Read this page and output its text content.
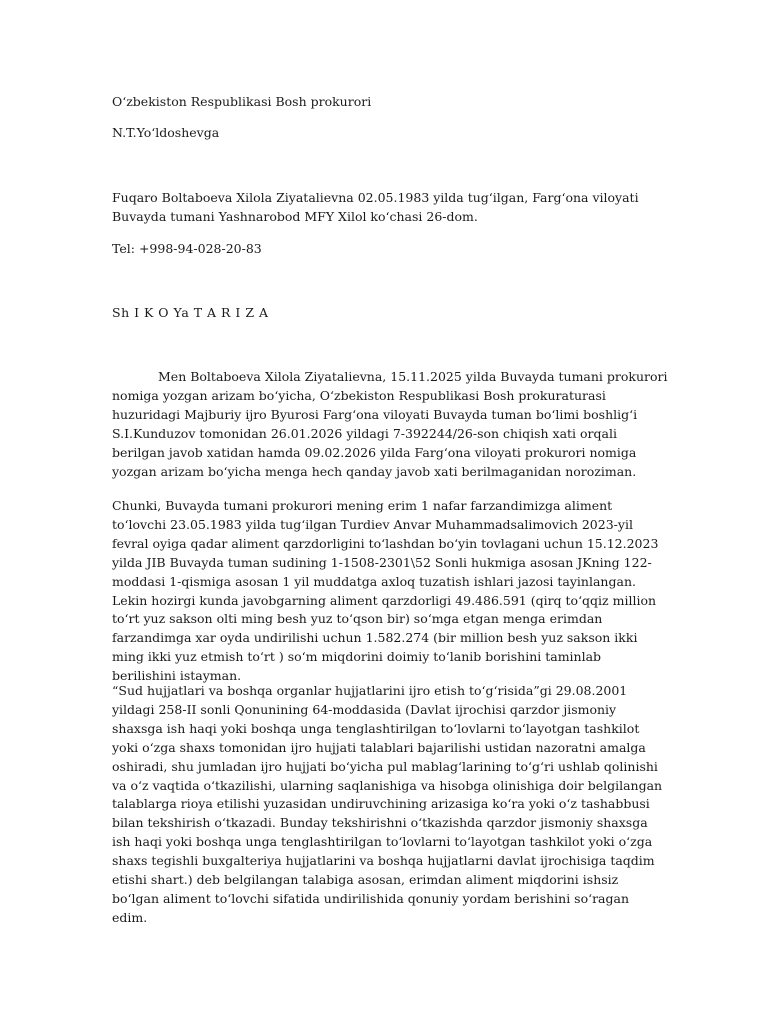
O‘zbekiston Respublikasi Bosh prokurori

N.T.Yo‘ldoshevga

Fuqaro Boltaboeva Xilola Ziyatalievna 02.05.1983 yilda tug‘ilgan, Farg‘ona viloyati Buvayda tumani Yashnarobod MFY Xilol ko‘chasi 26-dom.

Tel: +998-94-028-20-83

Sh I K O Ya T A R I Z A

Men Boltaboeva Xilola Ziyatalievna, 15.11.2025 yilda Buvayda tumani prokurori nomiga yozgan arizam bo‘yicha, O‘zbekiston Respublikasi Bosh prokuraturasi huzuridagi Majburiy ijro Byurosi Farg‘ona viloyati Buvayda tuman bo‘limi boshlig‘i S.I.Kunduzov tomonidan 26.01.2026 yildagi 7-392244/26-son chiqish xati orqali berilgan javob xatidan hamda 09.02.2026 yilda Farg‘ona viloyati prokurori nomiga yozgan arizam bo‘yicha menga hech qanday javob xati berilmaganidan noroziman.

Chunki, Buvayda tumani prokurori mening erim 1 nafar farzandimizga aliment to‘lovchi 23.05.1983 yilda tug‘ilgan Turdiev Anvar Muhammadsalimovich 2023-yil fevral oyiga qadar aliment qarzdorligini to‘lashdan bo‘yin tovlagani uchun 15.12.2023 yilda JIB Buvayda tuman sudining 1-1508-2301\52 Sonli hukmiga asosan JKning 122- moddasi 1-qismiga asosan 1 yil muddatga axloq tuzatish ishlari jazosi tayinlangan. Lekin hozirgi kunda javobgarning aliment qarzdorligi 49.486.591 (qirq to‘qqiz million to‘rt yuz sakson olti ming besh yuz to‘qson bir) so‘mga etgan menga erimdan farzandimga xar oyda undirilishi uchun 1.582.274 (bir million besh yuz sakson ikki ming ikki yuz etmish to‘rt ) so‘m miqdorini doimiy to‘lanib borishini taminlab berilishini istayman.

“Sud hujjatlari va boshqa organlar hujjatlarini ijro etish to‘g‘risida”gi 29.08.2001 yildagi 258-II sonli Qonunining 64-moddasida (Davlat ijrochisi qarzdor jismoniy shaxsga ish haqi yoki boshqa unga tenglashtirilgan to‘lovlarni to‘layotgan tashkilot yoki o‘zga shaxs tomonidan ijro hujjati talablari bajarilishi ustidan nazoratni amalga oshiradi, shu jumladan ijro hujjati bo‘yicha pul mablag‘larining to‘g‘ri ushlab qolinishi va o‘z vaqtida o‘tkazilishi, ularning saqlanishiga va hisobga olinishiga doir belgilangan talablarga rioya etilishi yuzasidan undiruvchining arizasiga ko‘ra yoki o‘z tashabbusi bilan tekshirish o‘tkazadi. Bunday tekshirishni o‘tkazishda qarzdor jismoniy shaxsga ish haqi yoki boshqa unga tenglashtirilgan to‘lovlarni to‘layotgan tashkilot yoki o‘zga shaxs tegishli buxgalteriya hujjatlarini va boshqa hujjatlarni davlat ijrochisiga taqdim etishi shart.) deb belgilangan talabiga asosan, erimdan aliment miqdorini ishsiz bo‘lgan aliment to‘lovchi sifatida undirilishida qonuniy yordam berishini so‘ragan edim.
